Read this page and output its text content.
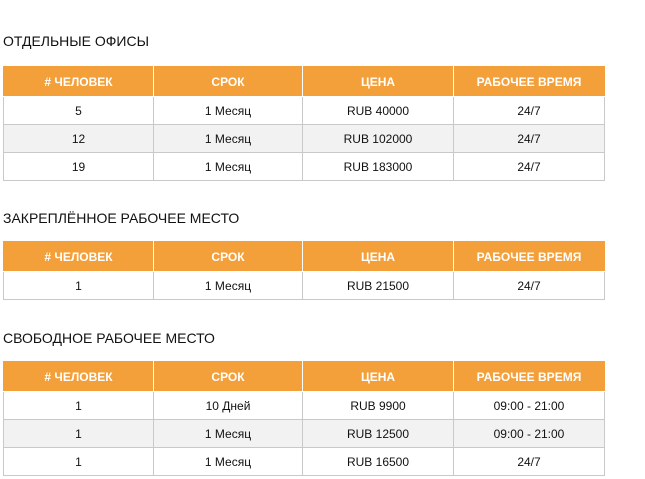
ОТДЕЛЬНЫЕ ОФИСЫ
# ЧЕЛОВЕК	СРОК	ЦЕНА	РАБОЧЕЕ ВРЕМЯ
5	1 Месяц	RUB 40000	24/7
12	1 Месяц	RUB 102000	24/7
19	1 Месяц	RUB 183000	24/7
ЗАКРЕПЛЁННОЕ РАБОЧЕЕ МЕСТО
# ЧЕЛОВЕК	СРОК	ЦЕНА	РАБОЧЕЕ ВРЕМЯ
1	1 Месяц	RUB 21500	24/7
СВОБОДНОЕ РАБОЧЕЕ МЕСТО
# ЧЕЛОВЕК	СРОК	ЦЕНА	РАБОЧЕЕ ВРЕМЯ
1	10 Дней	RUB 9900	09:00 - 21:00
1	1 Месяц	RUB 12500	09:00 - 21:00
1	1 Месяц	RUB 16500	24/7
